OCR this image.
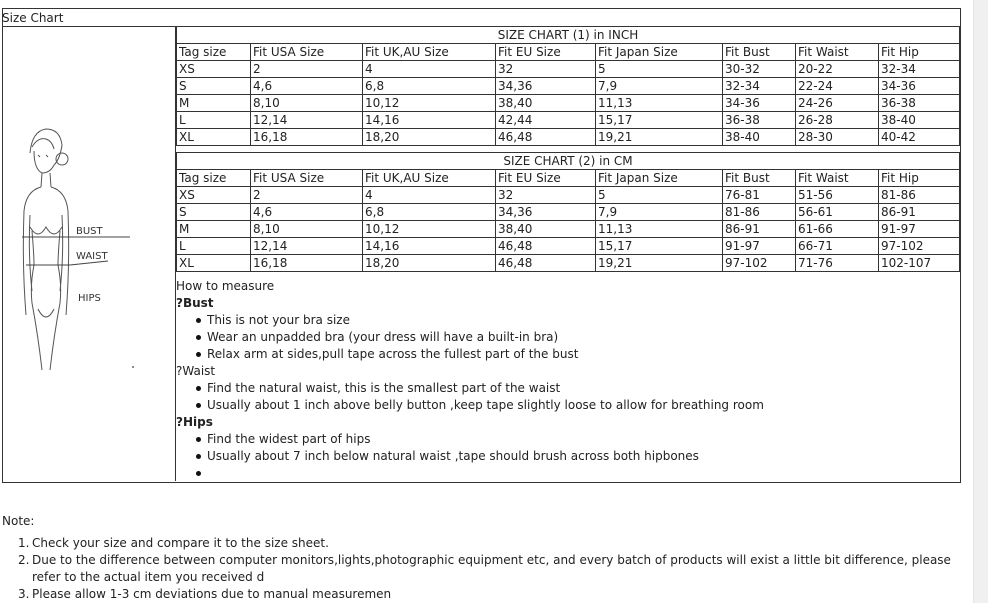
Size Chart
BUST
WAIST
HIPS
SIZE CHART (1) in INCH							
Tag size	Fit USA Size	Fit UK,AU Size	Fit EU Size	Fit Japan Size	Fit Bust	Fit Waist	Fit Hip
XS	2	4	32	5	30-32	20-22	32-34
S	4,6	6,8	34,36	7,9	32-34	22-24	34-36
M	8,10	10,12	38,40	11,13	34-36	24-26	36-38
L	12,14	14,16	42,44	15,17	36-38	26-28	38-40
XL	16,18	18,20	46,48	19,21	38-40	28-30	40-42
SIZE CHART (2) in CM							
Tag size	Fit USA Size	Fit UK,AU Size	Fit EU Size	Fit Japan Size	Fit Bust	Fit Waist	Fit Hip
XS	2	4	32	5	76-81	51-56	81-86
S	4,6	6,8	34,36	7,9	81-86	56-61	86-91
M	8,10	10,12	38,40	11,13	86-91	61-66	91-97
L	12,14	14,16	46,48	15,17	91-97	66-71	97-102
XL	16,18	18,20	46,48	19,21	97-102	71-76	102-107
How to measure
?Bust
This is not your bra size
Wear an unpadded bra (your dress will have a built-in bra)
Relax arm at sides,pull tape across the fullest part of the bust
?Waist
Find the natural waist, this is the smallest part of the waist
Usually about 1 inch above belly button ,keep tape slightly loose to allow for breathing room
?Hips
Find the widest part of hips
Usually about 7 inch below natural waist ,tape should brush across both hipbones
Note:
1. Check your size and compare it to the size sheet.
2. Due to the difference between computer monitors,lights,photographic equipment etc, and every batch of products will exist a little bit difference, please refer to the actual item you received d
3. Please allow 1-3 cm deviations due to manual measuremen
